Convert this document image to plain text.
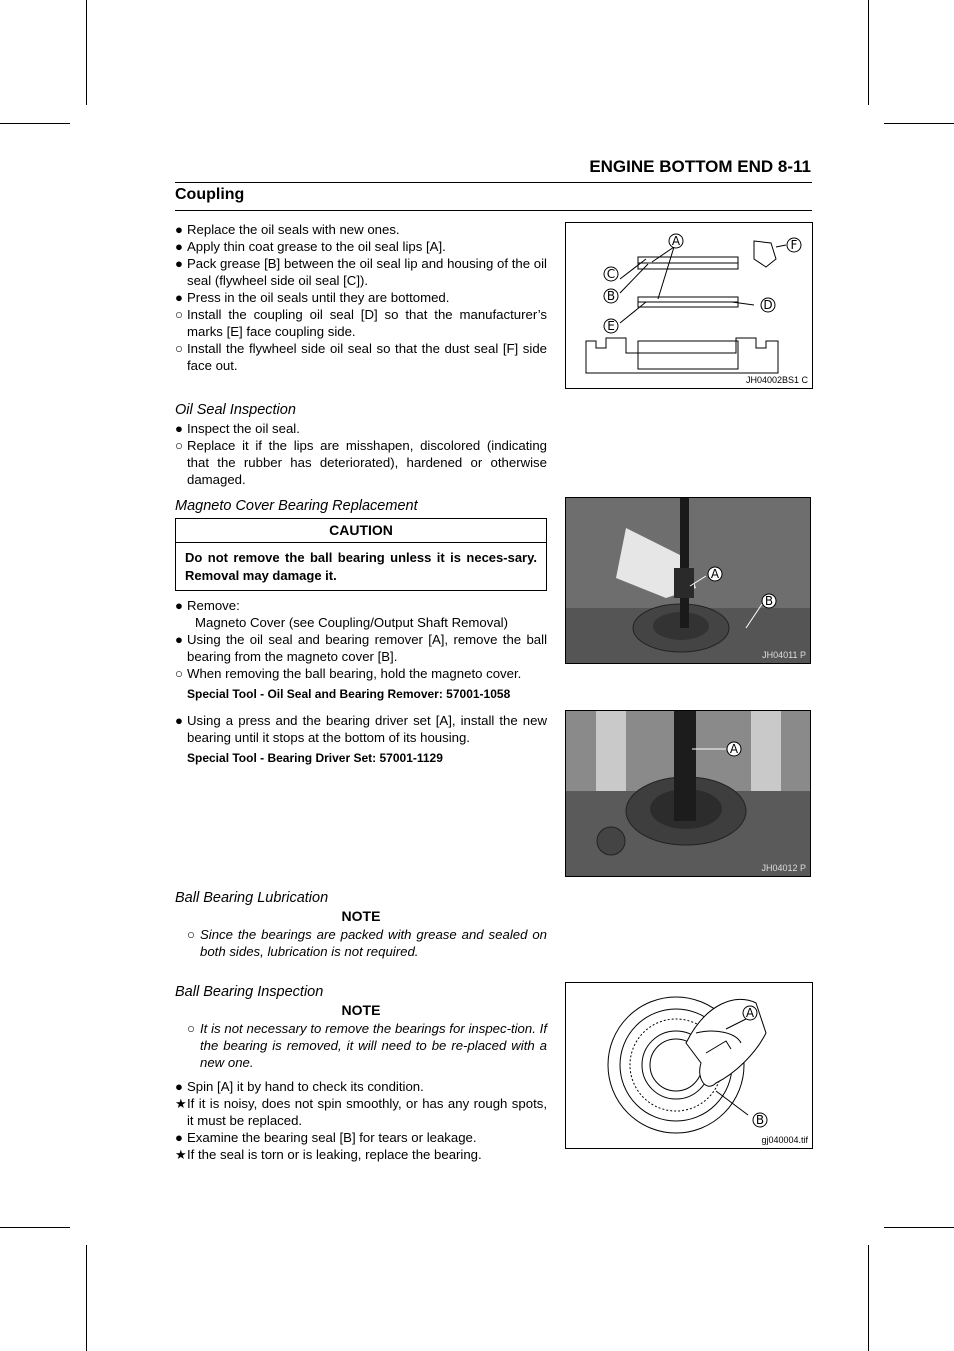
ENGINE BOTTOM END 8-11
Coupling
● Replace the oil seals with new ones.
● Apply thin coat grease to the oil seal lips [A].
● Pack grease [B] between the oil seal lip and housing of the oil seal (flywheel side oil seal [C]).
● Press in the oil seals until they are bottomed.
○ Install the coupling oil seal [D] so that the manufacturer’s marks [E] face coupling side.
○ Install the flywheel side oil seal so that the dust seal [F] side face out.
Oil Seal Inspection
● Inspect the oil seal.
○ Replace it if the lips are misshapen, discolored (indicating that the rubber has deteriorated), hardened or otherwise damaged.
Magneto Cover Bearing Replacement
CAUTION
Do not remove the ball bearing unless it is neces-sary. Removal may damage it.
● Remove:
Magneto Cover (see Coupling/Output Shaft Removal)
● Using the oil seal and bearing remover [A], remove the ball bearing from the magneto cover [B].
○ When removing the ball bearing, hold the magneto cover.
Special Tool - Oil Seal and Bearing Remover: 57001-1058
● Using a press and the bearing driver set [A], install the new bearing until it stops at the bottom of its housing.
Special Tool - Bearing Driver Set: 57001-1129
Ball Bearing Lubrication
NOTE
○ Since the bearings are packed with grease and sealed on both sides, lubrication is not required.
Ball Bearing Inspection
NOTE
○ It is not necessary to remove the bearings for inspec-tion. If the bearing is removed, it will need to be re-placed with a new one.
● Spin [A] it by hand to check its condition.
★ If it is noisy, does not spin smoothly, or has any rough spots, it must be replaced.
● Examine the bearing seal [B] for tears or leakage.
★ If the seal is torn or is leaking, replace the bearing.
A
B
C
D
E
F
JH04002BS1 C
A
B
JH04011 P
A
JH04012 P
A
B
gj040004.tif
